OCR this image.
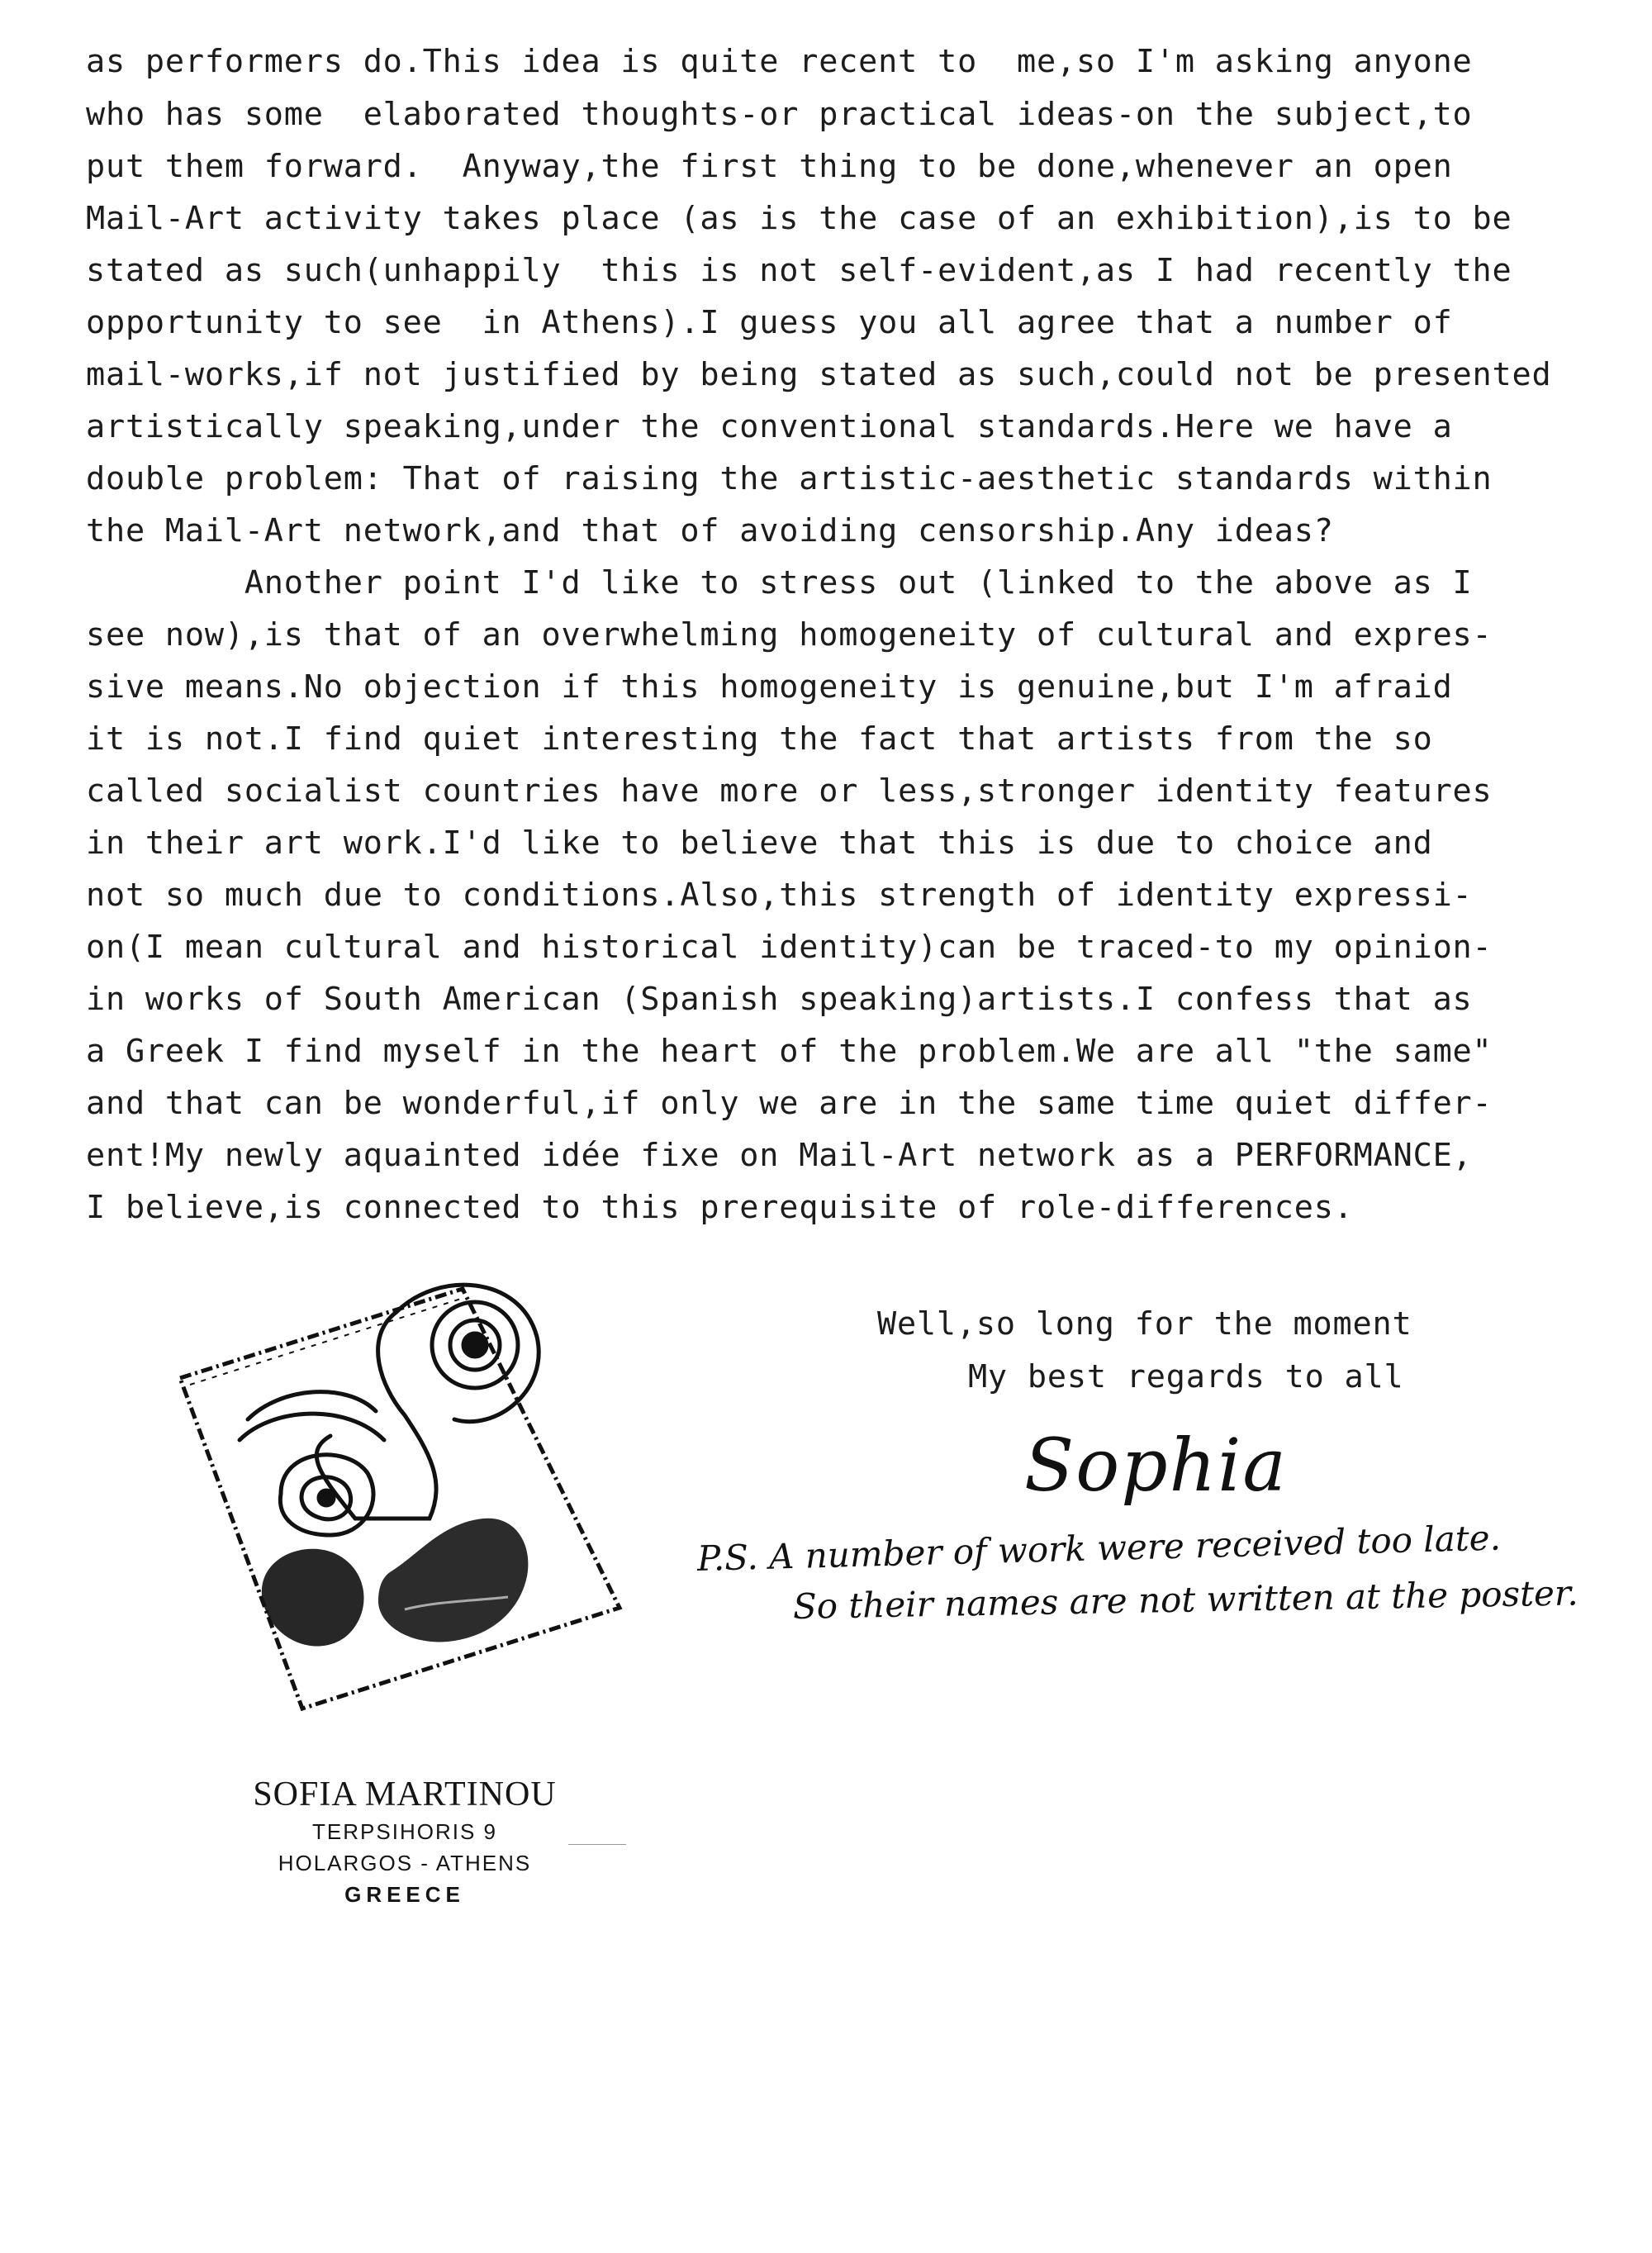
as performers do.This idea is quite recent to  me,so I'm asking anyone
who has some  elaborated thoughts-or practical ideas-on the subject,to
put them forward.  Anyway,the first thing to be done,whenever an open
Mail-Art activity takes place (as is the case of an exhibition),is to be
stated as such(unhappily  this is not self-evident,as I had recently the
opportunity to see  in Athens).I guess you all agree that a number of
mail-works,if not justified by being stated as such,could not be presented
artistically speaking,under the conventional standards.Here we have a
double problem: That of raising the artistic-aesthetic standards within
the Mail-Art network,and that of avoiding censorship.Any ideas?
Another point I'd like to stress out (linked to the above as I
see now),is that of an overwhelming homogeneity of cultural and expres-
sive means.No objection if this homogeneity is genuine,but I'm afraid
it is not.I find quiet interesting the fact that artists from the so
called socialist countries have more or less,stronger identity features
in their art work.I'd like to believe that this is due to choice and
not so much due to conditions.Also,this strength of identity expressi-
on(I mean cultural and historical identity)can be traced-to my opinion-
in works of South American (Spanish speaking)artists.I confess that as
a Greek I find myself in the heart of the problem.We are all "the same"
and that can be wonderful,if only we are in the same time quiet differ-
ent!My newly aquainted idée fixe on Mail-Art network as a PERFORMANCE,
I believe,is connected to this prerequisite of role-differences.
Well,so long for the moment
My best regards to all
Sophia
P.S. A number of work were received too late.
So their names are not written at the poster.
SOFIA MARTINOU
TERPSIHORIS 9
HOLARGOS - ATHENS
GREECE
